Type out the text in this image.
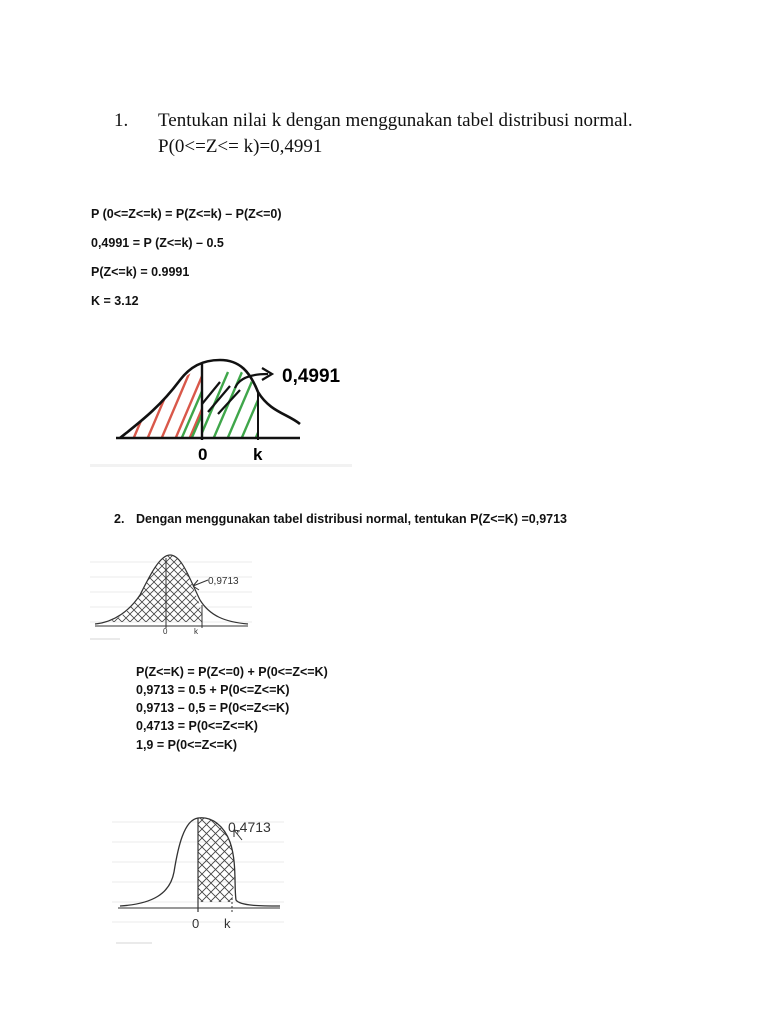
1. Tentukan nilai k dengan menggunakan tabel distribusi normal.
P(0<=Z<= k)=0,4991
P (0<=Z<=k) = P(Z<=k) – P(Z<=0)
0,4991 = P (Z<=k) – 0.5
P(Z<=k) = 0.9991
K = 3.12
0,4991
0	k
2. Dengan menggunakan tabel distribusi normal, tentukan P(Z<=K) =0,9713
0,9713
0	k
P(Z<=K) = P(Z<=0) + P(0<=Z<=K)
0,9713 = 0.5 + P(0<=Z<=K)
0,9713 – 0,5 = P(0<=Z<=K)
0,4713 = P(0<=Z<=K)
1,9 = P(0<=Z<=K)
0,4713
0 k
